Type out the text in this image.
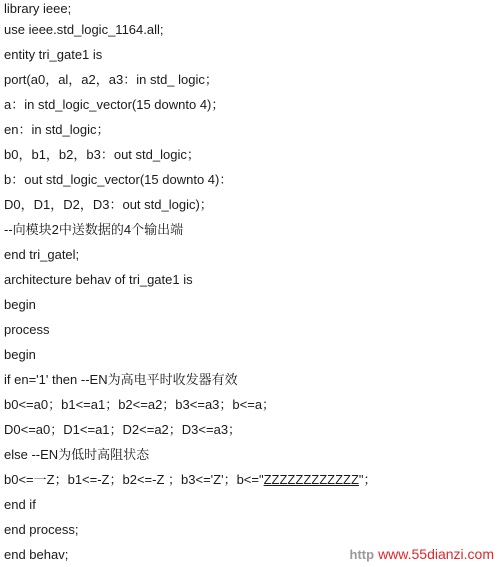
library ieee;
use ieee.std_logic_1164.all;
entity tri_gate1 is
port(a0，al，a2，a3：in std_ logic；
a：in std_logic_vector(15 downto 4)；
en：in std_logic；
b0，b1，b2，b3：out std_logic；
b：out std_logic_vector(15 downto 4)：
D0，D1，D2，D3：out std_logic)；
--向模块2中送数据的4个输出端
end tri_gatel;
architecture behav of tri_gate1 is
begin
process
begin
if en='1' then --EN为高电平时收发器有效
b0<=a0；b1<=a1；b2<=a2；b3<=a3；b<=a；
D0<=a0；D1<=a1；D2<=a2；D3<=a3；
else --EN为低时高阻状态
b0<=一Z；b1<=-Z；b2<=-Z ；b3<='Z'；b<="ZZZZZZZZZZZZ"；
end if
end process;
end behav;	http www.55dianzi.com
